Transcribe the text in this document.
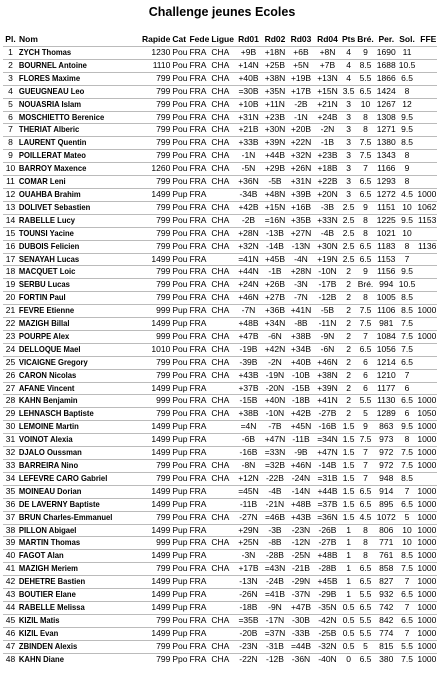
Challenge jeunes Ecoles
Pl.	Nom	Rapide	Cat	Fede	Ligue	Rd01	Rd02	Rd03	Rd04	Pts	Bré.	Per.	Sol.	FFE
1	ZYCH Thomas	1230	Pou	FRA	CHA	+9B	+18N	+6B	+8N	4	9	1690	11	
2	BOURNEL Antoine	1110	Pou	FRA	CHA	+14N	+25B	+5N	+7B	4	8.5	1688	10.5	
3	FLORES Maxime	799	Pou	FRA	CHA	+40B	+38N	+19B	+13N	4	5.5	1866	6.5	
4	GUEUGNEAU Leo	799	Pou	FRA	CHA	=30B	+35N	+17B	+15N	3.5	6.5	1424	8	
5	NOUASRIA Islam	799	Pou	FRA	CHA	+10B	+11N	-2B	+21N	3	10	1267	12	
6	MOSCHIETTO Berenice	799	Pou	FRA	CHA	+31N	+23B	-1N	+24B	3	8	1308	9.5	
7	THERIAT Alberic	799	Pou	FRA	CHA	+21B	+30N	+20B	-2N	3	8	1271	9.5	
8	LAURENT Quentin	799	Pou	FRA	CHA	+33B	+39N	+22N	-1B	3	7.5	1380	8.5	
9	POILLERAT Mateo	799	Pou	FRA	CHA	-1N	+44B	+32N	+23B	3	7.5	1343	8	
10	BARROY Maxence	1260	Pou	FRA	CHA	-5N	+29B	+26N	+18B	3	7	1166	9	
11	COMAR Leni	799	Pou	FRA	CHA	+36N	-5B	+31N	+22B	3	6.5	1293	8	
12	OUAHBA Brahim	1499	Pup	FRA		-34B	+48N	+39B	+20N	3	6.5	1272	4.5	1000
13	DOLIVET Sebastien	799	Pou	FRA	CHA	+42B	+15N	+16B	-3B	2.5	9	1151	10	1062
14	RABELLE Lucy	799	Pou	FRA	CHA	-2B	=16N	+35B	+33N	2.5	8	1225	9.5	1153
15	TOUNSI Yacine	799	Pou	FRA	CHA	+28N	-13B	+27N	-4B	2.5	8	1021	10	
16	DUBOIS Felicien	799	Pou	FRA	CHA	+32N	-14B	-13N	+30N	2.5	6.5	1183	8	1136
17	SENAYAH Lucas	1499	Pou	FRA		=41N	+45B	-4N	+19N	2.5	6.5	1153	7	
18	MACQUET Loic	799	Pou	FRA	CHA	+44N	-1B	+28N	-10N	2	9	1156	9.5	
19	SERBU Lucas	799	Pou	FRA	CHA	+24N	+26B	-3N	-17B	2	Bré.	994	10.5	
20	FORTIN Paul	799	Pou	FRA	CHA	+46N	+27B	-7N	-12B	2	8	1005	8.5	
21	FEVRE Etienne	999	Pup	FRA	CHA	-7N	+36B	+41N	-5B	2	7.5	1106	8.5	1000
22	MAZIGH Billal	1499	Pup	FRA		+48B	+34N	-8B	-11N	2	7.5	981	7.5	
23	POURPE Alex	999	Pou	FRA	CHA	+47B	-6N	+38B	-9N	2	7	1084	7.5	1000
24	DELLOQUE Mael	1010	Pou	FRA	CHA	-19B	+42N	+34B	-6N	2	6.5	1056	7.5	
25	VICAIGNE Gregory	799	Pou	FRA	CHA	-39B	-2N	+40B	+46N	2	6	1214	6.5	
26	CARON Nicolas	799	Pou	FRA	CHA	+43B	-19N	-10B	+38N	2	6	1210	7	
27	AFANE Vincent	1499	Pup	FRA		+37B	-20N	-15B	+39N	2	6	1177	6	
28	KAHN Benjamin	999	Pou	FRA	CHA	-15B	+40N	-18B	+41N	2	5.5	1130	6.5	1000
29	LEHNASCH Baptiste	799	Pou	FRA	CHA	+38B	-10N	+42B	-27B	2	5	1289	6	1050
30	LEMOINE Martin	1499	Pup	FRA		=4N	-7B	+45N	-16B	1.5	9	863	9.5	1000
31	VOINOT Alexia	1499	Pup	FRA		-6B	+47N	-11B	=34N	1.5	7.5	973	8	1000
32	DJALO Oussman	1499	Pup	FRA		-16B	=33N	-9B	+47N	1.5	7	972	7.5	1000
33	BARREIRA Nino	799	Pou	FRA	CHA	-8N	=32B	+46N	-14B	1.5	7	972	7.5	1000
34	LEFEVRE CARO Gabriel	799	Pou	FRA	CHA	+12N	-22B	-24N	=31B	1.5	7	948	8.5	
35	MOINEAU Dorian	1499	Pup	FRA		=45N	-4B	-14N	+44B	1.5	6.5	914	7	1000
36	DE LAVERNY Baptiste	1499	Pup	FRA		-11B	-21N	+48B	=37B	1.5	6.5	895	6.5	1000
37	BRUN Charles-Emmanuel	799	Pou	FRA	CHA	-27N	=46B	+43B	=36N	1.5	4.5	1072	5	1000
38	PILLON Abigael	1499	Pup	FRA		+29N	-3B	-23N	-26B	1	8	806	10	1000
39	MARTIN Thomas	999	Pup	FRA	CHA	+25N	-8B	-12N	-27B	1	8	771	10	1000
40	FAGOT Alan	1499	Pup	FRA		-3N	-28B	-25N	+48B	1	8	761	8.5	1000
41	MAZIGH Meriem	799	Pou	FRA	CHA	+17B	=43N	-21B	-28B	1	6.5	858	7.5	1000
42	DEHETRE Bastien	1499	Pup	FRA		-13N	-24B	-29N	+45B	1	6.5	827	7	1000
43	BOUTIER Elane	1499	Pup	FRA		-26N	=41B	-37N	-29B	1	5.5	932	6.5	1000
44	RABELLE Melissa	1499	Pup	FRA		-18B	-9N	+47B	-35N	0.5	6.5	742	7	1000
45	KIZIL Matis	799	Pou	FRA	CHA	=35B	-17N	-30B	-42N	0.5	5.5	842	6.5	1000
46	KIZIL Evan	1499	Pup	FRA		-20B	=37N	-33B	-25B	0.5	5.5	774	7	1000
47	ZBINDEN Alexis	799	Pou	FRA	CHA	-23N	-31B	=44B	-32N	0.5	5	815	5.5	1000
48	KAHN Diane	799	Ppo	FRA	CHA	-22N	-12B	-36N	-40N	0	6.5	380	7.5	1000
